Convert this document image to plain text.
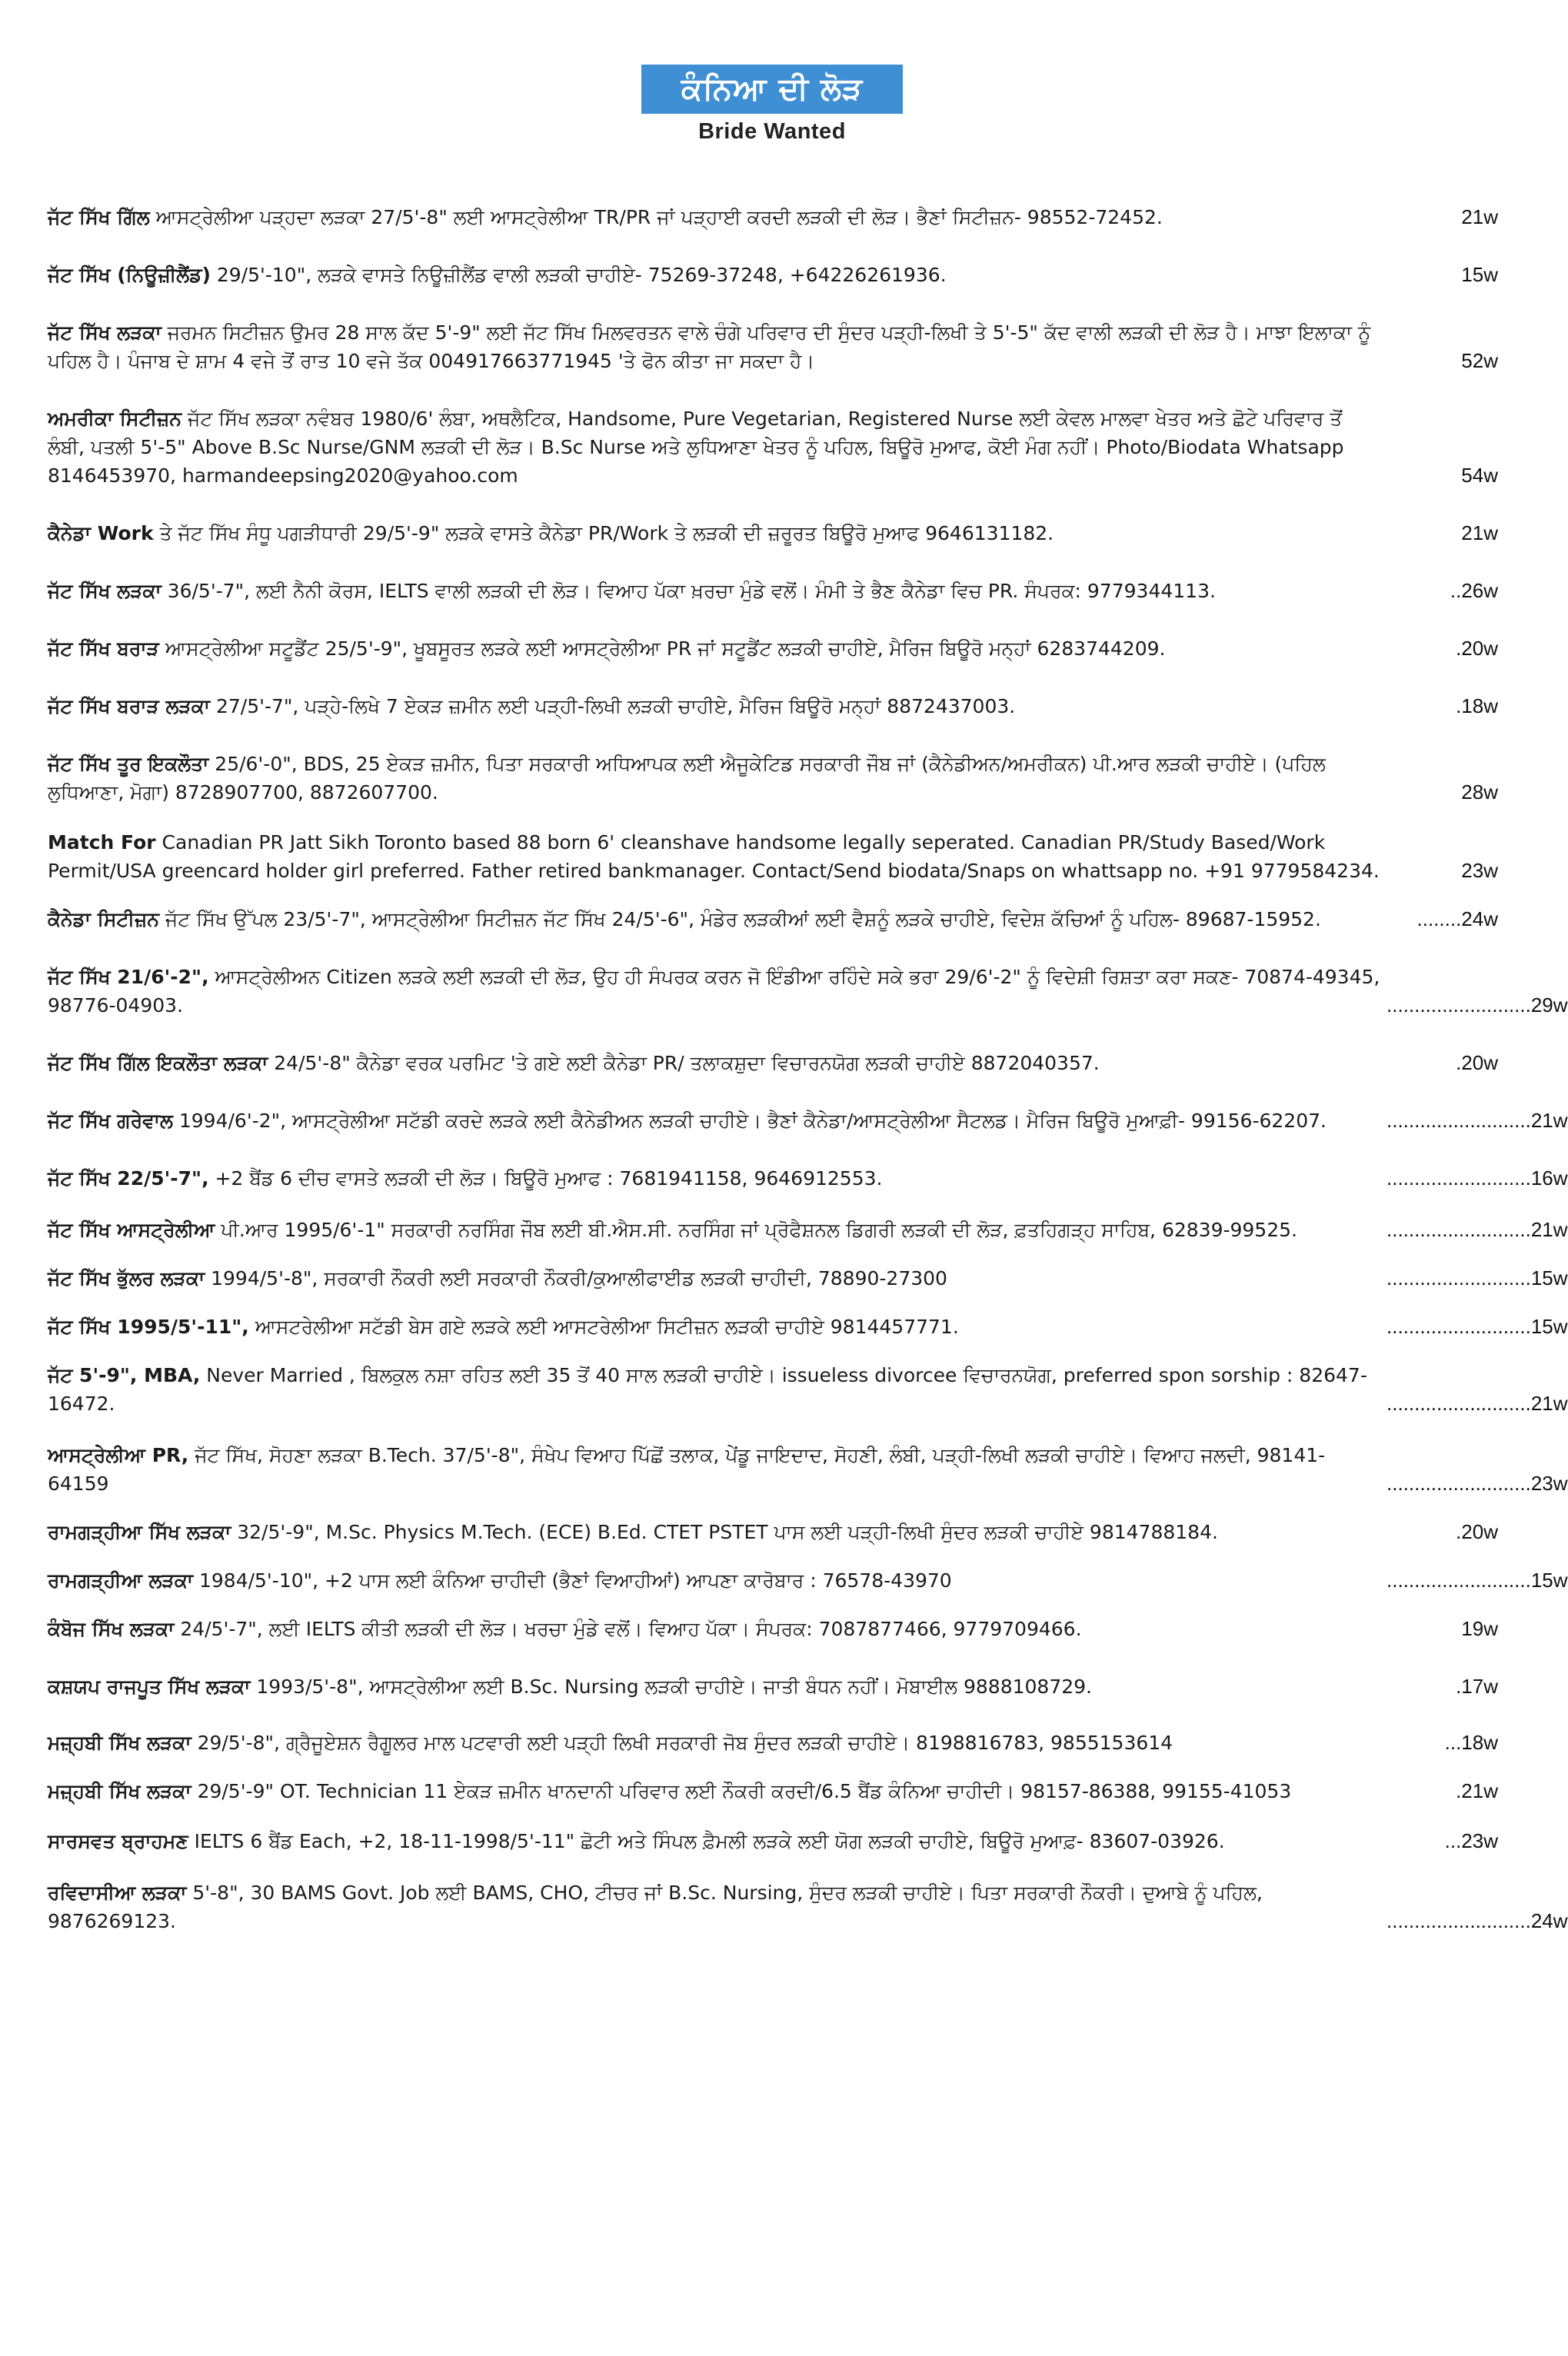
ਕੰਨਿਆ ਦੀ ਲੋੜ
Bride Wanted
ਜੱਟ ਸਿੱਖ ਗਿੱਲ ਆਸਟ੍ਰੇਲੀਆ ਪੜ੍ਹਦਾ ਲੜਕਾ 27/5'-8" ਲਈ ਆਸਟ੍ਰੇਲੀਆ TR/PR ਜਾਂ ਪੜ੍ਹਾਈ ਕਰਦੀ ਲੜਕੀ ਦੀ ਲੋੜ। ਭੈਣਾਂ ਸਿਟੀਜ਼ਨ- 98552-72452.	21w
ਜੱਟ ਸਿੱਖ (ਨਿਊਜ਼ੀਲੈਂਡ) 29/5'-10", ਲੜਕੇ ਵਾਸਤੇ ਨਿਊਜ਼ੀਲੈਂਡ ਵਾਲੀ ਲੜਕੀ ਚਾਹੀਏ- 75269-37248, +64226261936.	15w
ਜੱਟ ਸਿੱਖ ਲੜਕਾ ਜਰਮਨ ਸਿਟੀਜ਼ਨ ਉਮਰ 28 ਸਾਲ ਕੱਦ 5'-9" ਲਈ ਜੱਟ ਸਿੱਖ ਮਿਲਵਰਤਨ ਵਾਲੇ ਚੰਗੇ ਪਰਿਵਾਰ ਦੀ ਸੁੰਦਰ ਪੜ੍ਹੀ-ਲਿਖੀ ਤੇ 5'-5" ਕੱਦ ਵਾਲੀ ਲੜਕੀ ਦੀ ਲੋੜ ਹੈ। ਮਾਝਾ ਇਲਾਕਾ ਨੂੰ ਪਹਿਲ ਹੈ। ਪੰਜਾਬ ਦੇ ਸ਼ਾਮ 4 ਵਜੇ ਤੋਂ ਰਾਤ 10 ਵਜੇ ਤੱਕ 004917663771945 'ਤੇ ਫੋਨ ਕੀਤਾ ਜਾ ਸਕਦਾ ਹੈ।	52w
ਅਮਰੀਕਾ ਸਿਟੀਜ਼ਨ ਜੱਟ ਸਿੱਖ ਲੜਕਾ ਨਵੰਬਰ 1980/6' ਲੰਬਾ, ਅਥਲੈਟਿਕ, Handsome, Pure Vegetarian, Registered Nurse ਲਈ ਕੇਵਲ ਮਾਲਵਾ ਖੇਤਰ ਅਤੇ ਛੋਟੇ ਪਰਿਵਾਰ ਤੋਂ ਲੰਬੀ, ਪਤਲੀ 5'-5" Above B.Sc Nurse/GNM ਲੜਕੀ ਦੀ ਲੋੜ। B.Sc Nurse ਅਤੇ ਲੁਧਿਆਣਾ ਖੇਤਰ ਨੂੰ ਪਹਿਲ, ਬਿਊਰੋ ਮੁਆਫ, ਕੋਈ ਮੰਗ ਨਹੀਂ। Photo/Biodata Whatsapp 8146453970, harmandeepsing2020@yahoo.com	54w
ਕੈਨੇਡਾ Work ਤੇ ਜੱਟ ਸਿੱਖ ਸੰਧੂ ਪਗੜੀਧਾਰੀ 29/5'-9" ਲੜਕੇ ਵਾਸਤੇ ਕੈਨੇਡਾ PR/Work ਤੇ ਲੜਕੀ ਦੀ ਜ਼ਰੂਰਤ ਬਿਊਰੋ ਮੁਆਫ 9646131182.	21w
ਜੱਟ ਸਿੱਖ ਲੜਕਾ 36/5'-7", ਲਈ ਨੈਨੀ ਕੋਰਸ, IELTS ਵਾਲੀ ਲੜਕੀ ਦੀ ਲੋੜ। ਵਿਆਹ ਪੱਕਾ ਖ਼ਰਚਾ ਮੁੰਡੇ ਵਲੋਂ। ਮੰਮੀ ਤੇ ਭੈਣ ਕੈਨੇਡਾ ਵਿਚ PR. ਸੰਪਰਕ: 9779344113.	..26w
ਜੱਟ ਸਿੱਖ ਬਰਾੜ ਆਸਟ੍ਰੇਲੀਆ ਸਟੂਡੈਂਟ 25/5'-9", ਖੂਬਸੂਰਤ ਲੜਕੇ ਲਈ ਆਸਟ੍ਰੇਲੀਆ PR ਜਾਂ ਸਟੂਡੈਂਟ ਲੜਕੀ ਚਾਹੀਏ, ਮੈਰਿਜ ਬਿਊਰੋ ਮਨ੍ਹਾਂ 6283744209.	.20w
ਜੱਟ ਸਿੱਖ ਬਰਾੜ ਲੜਕਾ 27/5'-7", ਪੜ੍ਹੇ-ਲਿਖੇ 7 ਏਕੜ ਜ਼ਮੀਨ ਲਈ ਪੜ੍ਹੀ-ਲਿਖੀ ਲੜਕੀ ਚਾਹੀਏ, ਮੈਰਿਜ ਬਿਊਰੋ ਮਨ੍ਹਾਂ 8872437003.	.18w
ਜੱਟ ਸਿੱਖ ਤੂਰ ਇਕਲੌਤਾ 25/6'-0", BDS, 25 ਏਕੜ ਜ਼ਮੀਨ, ਪਿਤਾ ਸਰਕਾਰੀ ਅਧਿਆਪਕ ਲਈ ਐਜੂਕੇਟਿਡ ਸਰਕਾਰੀ ਜੌਬ ਜਾਂ (ਕੈਨੇਡੀਅਨ/ਅਮਰੀਕਨ) ਪੀ.ਆਰ ਲੜਕੀ ਚਾਹੀਏ। (ਪਹਿਲ ਲੁਧਿਆਣਾ, ਮੋਗਾ) 8728907700, 8872607700.	28w
Match For Canadian PR Jatt Sikh Toronto based 88 born 6' cleanshave handsome legally seperated. Canadian PR/Study Based/Work Permit/USA greencard holder girl preferred. Father retired bankmanager. Contact/Send biodata/Snaps on whattsapp no. +91 9779584234.	23w
ਕੈਨੇਡਾ ਸਿਟੀਜ਼ਨ ਜੱਟ ਸਿੱਖ ਉੱਪਲ 23/5'-7", ਆਸਟ੍ਰੇਲੀਆ ਸਿਟੀਜ਼ਨ ਜੱਟ ਸਿੱਖ 24/5'-6", ਮੰਡੇਰ ਲੜਕੀਆਂ ਲਈ ਵੈਸ਼ਨੂੰ ਲੜਕੇ ਚਾਹੀਏ, ਵਿਦੇਸ਼ ਕੱਚਿਆਂ ਨੂੰ ਪਹਿਲ- 89687-15952.	........24w
ਜੱਟ ਸਿੱਖ 21/6'-2", ਆਸਟ੍ਰੇਲੀਅਨ Citizen ਲੜਕੇ ਲਈ ਲੜਕੀ ਦੀ ਲੋੜ, ਉਹ ਹੀ ਸੰਪਰਕ ਕਰਨ ਜੋ ਇੰਡੀਆ ਰਹਿੰਦੇ ਸਕੇ ਭਰਾ 29/6'-2" ਨੂੰ ਵਿਦੇਸ਼ੀ ਰਿਸ਼ਤਾ ਕਰਾ ਸਕਣ- 70874-49345, 98776-04903.	..........................29w
ਜੱਟ ਸਿੱਖ ਗਿੱਲ ਇਕਲੌਤਾ ਲੜਕਾ 24/5'-8" ਕੈਨੇਡਾ ਵਰਕ ਪਰਮਿਟ 'ਤੇ ਗਏ ਲਈ ਕੈਨੇਡਾ PR/ ਤਲਾਕਸ਼ੁਦਾ ਵਿਚਾਰਨਯੋਗ ਲੜਕੀ ਚਾਹੀਏ 8872040357.	.20w
ਜੱਟ ਸਿੱਖ ਗਰੇਵਾਲ 1994/6'-2", ਆਸਟ੍ਰੇਲੀਆ ਸਟੱਡੀ ਕਰਦੇ ਲੜਕੇ ਲਈ ਕੈਨੇਡੀਅਨ ਲੜਕੀ ਚਾਹੀਏ। ਭੈਣਾਂ ਕੈਨੇਡਾ/ਆਸਟ੍ਰੇਲੀਆ ਸੈਟਲਡ। ਮੈਰਿਜ ਬਿਊਰੋ ਮੁਆਫ਼ੀ- 99156-62207.	..........................21w
ਜੱਟ ਸਿੱਖ 22/5'-7", +2 ਬੈਂਡ 6 ਦੀਚ ਵਾਸਤੇ ਲੜਕੀ ਦੀ ਲੋੜ। ਬਿਊਰੋ ਮੁਆਫ : 7681941158, 9646912553.	..........................16w
ਜੱਟ ਸਿੱਖ ਆਸਟ੍ਰੇਲੀਆ ਪੀ.ਆਰ 1995/6'-1" ਸਰਕਾਰੀ ਨਰਸਿੰਗ ਜੌਬ ਲਈ ਬੀ.ਐਸ.ਸੀ. ਨਰਸਿੰਗ ਜਾਂ ਪ੍ਰੋਫੈਸ਼ਨਲ ਡਿਗਰੀ ਲੜਕੀ ਦੀ ਲੋੜ, ਫ਼ਤਹਿਗੜ੍ਹ ਸਾਹਿਬ, 62839-99525.	..........................21w
ਜੱਟ ਸਿੱਖ ਭੁੱਲਰ ਲੜਕਾ 1994/5'-8", ਸਰਕਾਰੀ ਨੌਕਰੀ ਲਈ ਸਰਕਾਰੀ ਨੌਕਰੀ/ਕੁਆਲੀਫਾਈਡ ਲੜਕੀ ਚਾਹੀਦੀ, 78890-27300	..........................15w
ਜੱਟ ਸਿੱਖ 1995/5'-11", ਆਸਟਰੇਲੀਆ ਸਟੱਡੀ ਬੇਸ ਗਏ ਲੜਕੇ ਲਈ ਆਸਟਰੇਲੀਆ ਸਿਟੀਜ਼ਨ ਲੜਕੀ ਚਾਹੀਏ 9814457771.	..........................15w
ਜੱਟ 5'-9", MBA, Never Married , ਬਿਲਕੁਲ ਨਸ਼ਾ ਰਹਿਤ ਲਈ 35 ਤੋਂ 40 ਸਾਲ ਲੜਕੀ ਚਾਹੀਏ। issueless divorcee ਵਿਚਾਰਨਯੋਗ, preferred spon sorship : 82647-16472.	..........................21w
ਆਸਟ੍ਰੇਲੀਆ PR, ਜੱਟ ਸਿੱਖ, ਸੋਹਣਾ ਲੜਕਾ B.Tech. 37/5'-8", ਸੰਖੇਪ ਵਿਆਹ ਪਿੱਛੋਂ ਤਲਾਕ, ਪੇਂਡੂ ਜਾਇਦਾਦ, ਸੋਹਣੀ, ਲੰਬੀ, ਪੜ੍ਹੀ-ਲਿਖੀ ਲੜਕੀ ਚਾਹੀਏ। ਵਿਆਹ ਜਲਦੀ, 98141-64159	..........................23w
ਰਾਮਗੜ੍ਹੀਆ ਸਿੱਖ ਲੜਕਾ 32/5'-9", M.Sc. Physics M.Tech. (ECE) B.Ed. CTET PSTET ਪਾਸ ਲਈ ਪੜ੍ਹੀ-ਲਿਖੀ ਸੁੰਦਰ ਲੜਕੀ ਚਾਹੀਏ 9814788184.	.20w
ਰਾਮਗੜ੍ਹੀਆ ਲੜਕਾ 1984/5'-10", +2 ਪਾਸ ਲਈ ਕੰਨਿਆ ਚਾਹੀਦੀ (ਭੈਣਾਂ ਵਿਆਹੀਆਂ) ਆਪਣਾ ਕਾਰੋਬਾਰ : 76578-43970	..........................15w
ਕੰਬੋਜ ਸਿੱਖ ਲੜਕਾ 24/5'-7", ਲਈ IELTS ਕੀਤੀ ਲੜਕੀ ਦੀ ਲੋੜ। ਖਰਚਾ ਮੁੰਡੇ ਵਲੋਂ। ਵਿਆਹ ਪੱਕਾ। ਸੰਪਰਕ: 7087877466, 9779709466.	19w
ਕਸ਼ਯਪ ਰਾਜਪੂਤ ਸਿੱਖ ਲੜਕਾ 1993/5'-8", ਆਸਟ੍ਰੇਲੀਆ ਲਈ B.Sc. Nursing ਲੜਕੀ ਚਾਹੀਏ। ਜਾਤੀ ਬੰਧਨ ਨਹੀਂ। ਮੋਬਾਈਲ 9888108729.	.17w
ਮਜ਼੍ਹਬੀ ਸਿੱਖ ਲੜਕਾ 29/5'-8", ਗ੍ਰੈਜੂਏਸ਼ਨ ਰੈਗੂਲਰ ਮਾਲ ਪਟਵਾਰੀ ਲਈ ਪੜ੍ਹੀ ਲਿਖੀ ਸਰਕਾਰੀ ਜੋਬ ਸੁੰਦਰ ਲੜਕੀ ਚਾਹੀਏ। 8198816783, 9855153614	...18w
ਮਜ਼੍ਹਬੀ ਸਿੱਖ ਲੜਕਾ 29/5'-9" OT. Technician 11 ਏਕੜ ਜ਼ਮੀਨ ਖਾਨਦਾਨੀ ਪਰਿਵਾਰ ਲਈ ਨੌਕਰੀ ਕਰਦੀ/6.5 ਬੈਂਡ ਕੰਨਿਆ ਚਾਹੀਦੀ। 98157-86388, 99155-41053	.21w
ਸਾਰਸਵਤ ਬ੍ਰਾਹਮਣ IELTS 6 ਬੈਂਡ Each, +2, 18-11-1998/5'-11" ਛੋਟੀ ਅਤੇ ਸਿੰਪਲ ਫ਼ੈਮਲੀ ਲੜਕੇ ਲਈ ਯੋਗ ਲੜਕੀ ਚਾਹੀਏ, ਬਿਊਰੋ ਮੁਆਫ਼- 83607-03926.	...23w
ਰਵਿਦਾਸੀਆ ਲੜਕਾ 5'-8", 30 BAMS Govt. Job ਲਈ BAMS, CHO, ਟੀਚਰ ਜਾਂ B.Sc. Nursing, ਸੁੰਦਰ ਲੜਕੀ ਚਾਹੀਏ। ਪਿਤਾ ਸਰਕਾਰੀ ਨੌਕਰੀ। ਦੁਆਬੇ ਨੂੰ ਪਹਿਲ, 9876269123.	..........................24w
